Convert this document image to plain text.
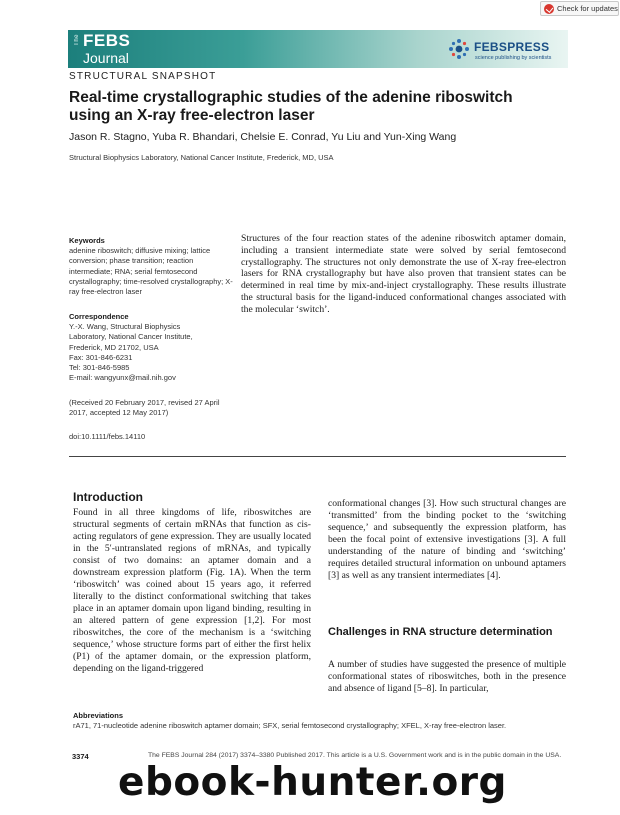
Check for updates
The FEBS
Journal
FEBSPRESS
science publishing by scientists
STRUCTURAL SNAPSHOT
Real-time crystallographic studies of the adenine riboswitch using an X-ray free-electron laser
Jason R. Stagno, Yuba R. Bhandari, Chelsie E. Conrad, Yu Liu and Yun-Xing Wang
Structural Biophysics Laboratory, National Cancer Institute, Frederick, MD, USA
Keywords
adenine riboswitch; diffusive mixing; lattice conversion; phase transition; reaction intermediate; RNA; serial femtosecond crystallography; time-resolved crystallography; X-ray free-electron laser
Correspondence
Y.-X. Wang, Structural Biophysics
Laboratory, National Cancer Institute,
Frederick, MD 21702, USA
Fax: 301-846-6231
Tel: 301-846-5985
E-mail: wangyunx@mail.nih.gov
(Received 20 February 2017, revised 27 April 2017, accepted 12 May 2017)
doi:10.1111/febs.14110
Structures of the four reaction states of the adenine riboswitch aptamer domain, including a transient intermediate state were solved by serial femtosecond crystallography. The structures not only demonstrate the use of X-ray free-electron lasers for RNA crystallography but have also proven that transient states can be determined in real time by mix-and-inject crystallography. These results illustrate the structural basis for the ligand-induced conformational changes associated with the molecular ‘switch’.
Introduction

Found in all three kingdoms of life, riboswitches are structural segments of certain mRNAs that function as cis-acting regulators of gene expression. They are usually located in the 5′-untranslated regions of mRNAs, and typically consist of two domains: an aptamer domain and a downstream expression platform (Fig. 1A). When the term ‘riboswitch’ was coined about 15 years ago, it referred literally to the distinct conformational switching that takes place in an aptamer domain upon ligand binding, resulting in an altered pattern of gene expression [1,2]. For most riboswitches, the core of the mechanism is a ‘switching sequence,’ whose structure forms part of either the first helix (P1) of the aptamer domain, or the expression platform, depending on the ligand-triggered

conformational changes [3]. How such structural changes are ‘transmitted’ from the binding pocket to the ‘switching sequence,’ and subsequently the expression platform, has been the focal point of extensive investigations [3]. A full understanding of the nature of binding and ‘switching’ requires detailed structural information on unbound aptamers [3] as well as any transient intermediates [4].

Challenges in RNA structure determination

A number of studies have suggested the presence of multiple conformational states of riboswitches, both in the presence and absence of ligand [5–8]. In particular,

Abbreviations
rA71, 71-nucleotide adenine riboswitch aptamer domain; SFX, serial femtosecond crystallography; XFEL, X-ray free-electron laser.
3374	The FEBS Journal 284 (2017) 3374–3380 Published 2017. This article is a U.S. Government work and is in the public domain in the USA.
ebook-hunter.org
